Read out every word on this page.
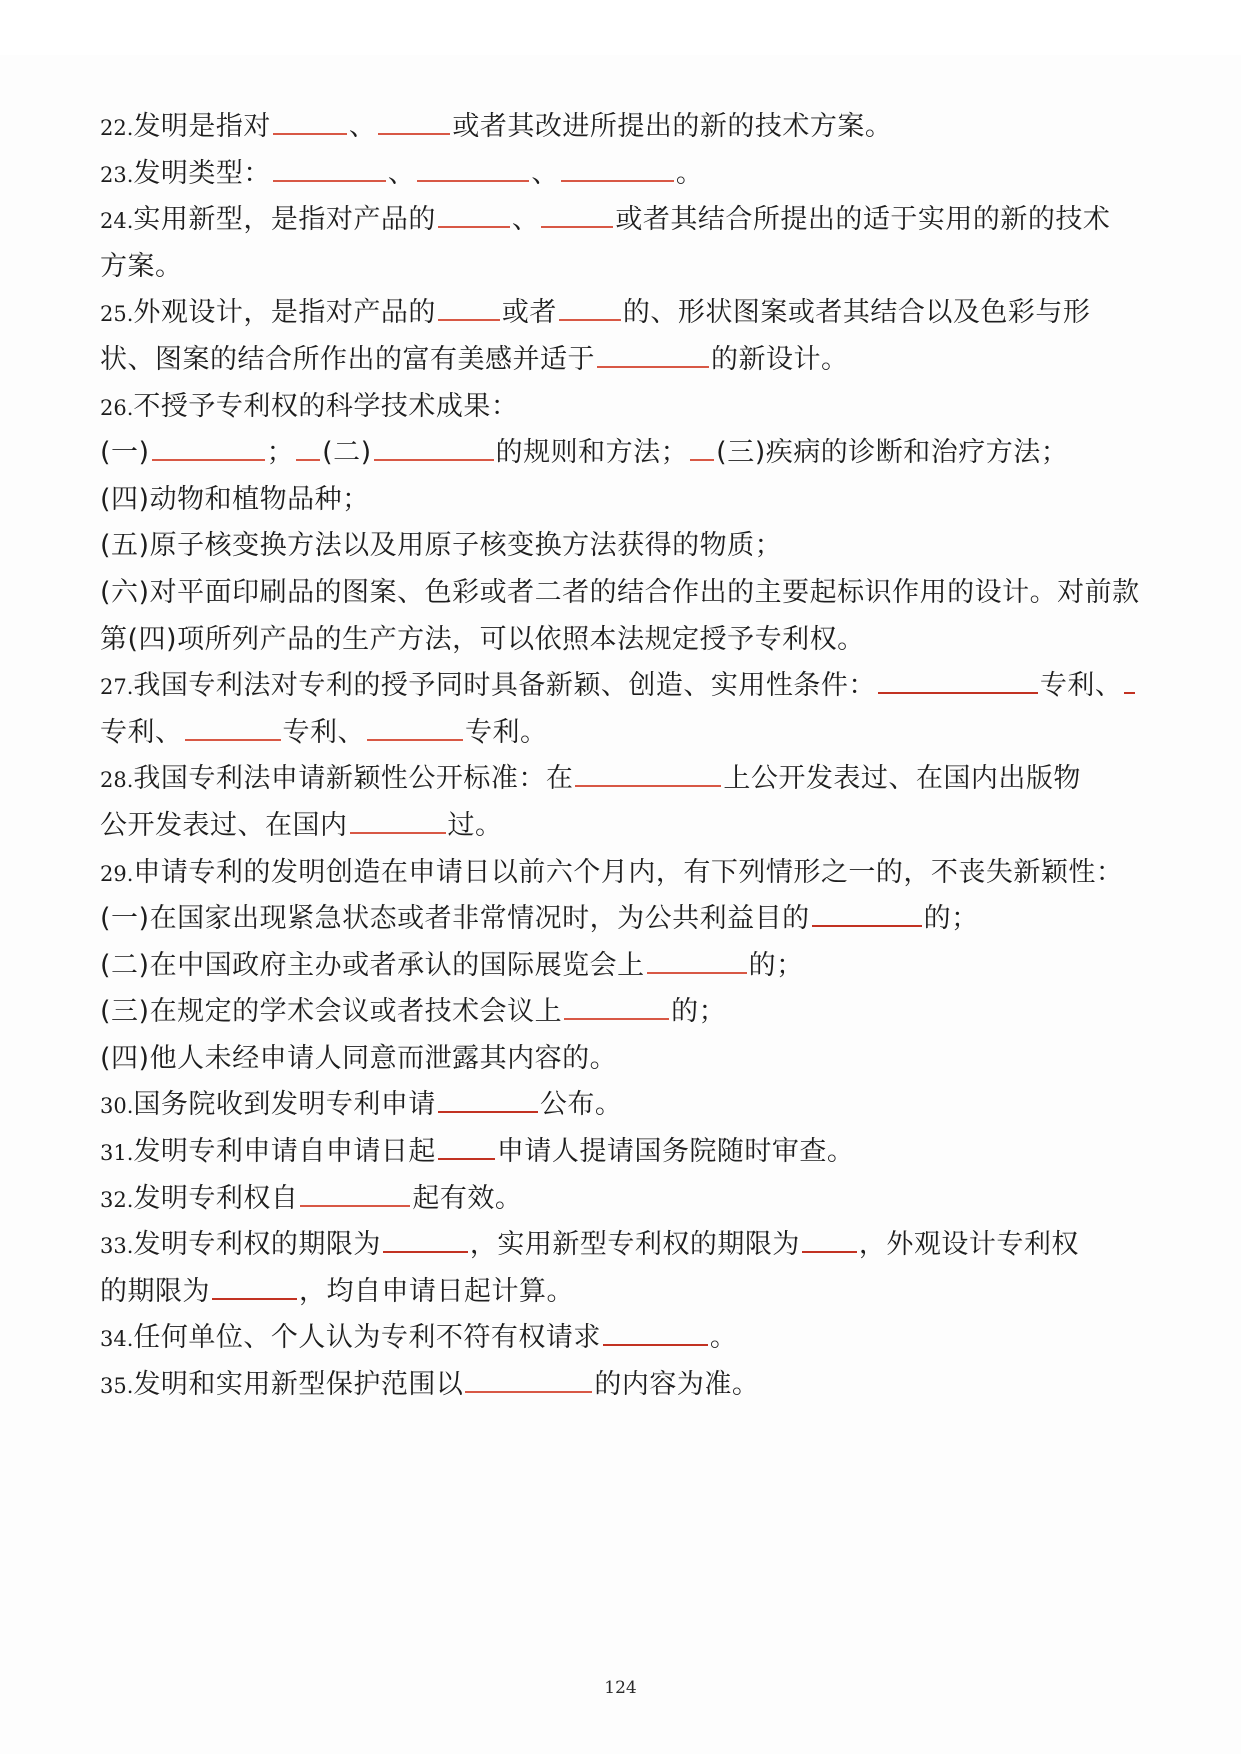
22.发明是指对	、	或者其改进所提出的新的技术方案。
23.发明类型：	、	、	。
24.实用新型，是指对产品的	、	或者其结合所提出的适于实用的新的技术
方案。
25.外观设计，是指对产品的 或者 的、形状图案或者其结合以及色彩与形
状、图案的结合所作出的富有美感并适于	的新设计。
26.不授予专利权的科学技术成果：
(一)	； (二)	的规则和方法； (三)疾病的诊断和治疗方法；
(四)动物和植物品种；
(五)原子核变换方法以及用原子核变换方法获得的物质；
(六)对平面印刷品的图案、色彩或者二者的结合作出的主要起标识作用的设计。对前款
第(四)项所列产品的生产方法，可以依照本法规定授予专利权。
27.我国专利法对专利的授予同时具备新颖、创造、实用性条件：	专利、
专利、	专利、	专利。
28.我国专利法申请新颖性公开标准：在	上公开发表过、在国内出版物
公开发表过、在国内	过。
29.申请专利的发明创造在申请日以前六个月内，有下列情形之一的，不丧失新颖性：
(一)在国家出现紧急状态或者非常情况时，为公共利益目的	的；
(二)在中国政府主办或者承认的国际展览会上	的；
(三)在规定的学术会议或者技术会议上	的；
(四)他人未经申请人同意而泄露其内容的。
30.国务院收到发明专利申请	公布。
31.发明专利申请自申请日起 申请人提请国务院随时审查。
32.发明专利权自	起有效。
33.发明专利权的期限为	，实用新型专利权的期限为 ，外观设计专利权
的期限为	，均自申请日起计算。
34.任何单位、个人认为专利不符有权请求	。
35.发明和实用新型保护范围以	的内容为准。
124
